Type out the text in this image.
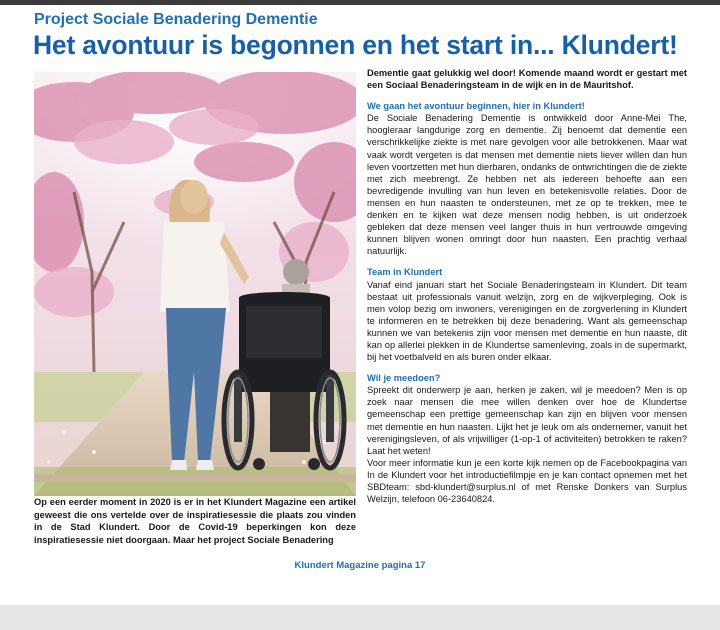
Project Sociale Benadering Dementie
Het avontuur is begonnen en het start in... Klundert!
Op een eerder moment in 2020 is er in het Klundert Magazine een artikel geweest die ons vertelde over de inspiratiesessie die plaats zou vinden in de Stad Klundert. Door de Covid-19 beperkingen kon deze inspiratiesessie niet doorgaan. Maar het project Sociale Benadering

Dementie gaat gelukkig wel door! Komende maand wordt er gestart met een Sociaal Benaderingsteam in de wijk en in de Mauritshof.

We gaan het avontuur beginnen, hier in Klundert!

De Sociale Benadering Dementie is ontwikkeld door Anne-Mei The, hoogleraar langdurige zorg en dementie. Zij benoemt dat dementie een verschrikkelijke ziekte is met nare gevolgen voor alle betrokkenen. Maar wat vaak wordt vergeten is dat mensen met dementie niets liever willen dan hun leven voortzetten met hun dierbaren, ondanks de ontwrichtingen die de ziekte met zich meebrengt. Ze hebben net als iedereen behoefte aan een bevredigende invulling van hun leven en betekenisvolle relaties. Door de mensen en hun naasten te ondersteunen, met ze op te trekken, mee te denken en te kijken wat deze mensen nodig hebben, is uit onderzoek gebleken dat deze mensen veel langer thuis in hun vertrouwde omgeving kunnen blijven wonen omringt door hun naasten. Een prachtig verhaal natuurlijk.

Team in Klundert

Vanaf eind januari start het Sociale Benaderingsteam in Klundert. Dit team bestaat uit professionals vanuit welzijn, zorg en de wijkverpleging. Ook is men volop bezig om inwoners, verenigingen en de zorgverlening in Klundert te informeren en te betrekken bij deze benadering. Want als gemeenschap kunnen we van betekenis zijn voor mensen met dementie en hun naaste, dit kan op allerlei plekken in de Klundertse samenleving, zoals in de supermarkt, bij het voetbalveld en als buren onder elkaar.

Wil je meedoen?

Spreekt dit onderwerp je aan, herken je zaken, wil je meedoen? Men is op zoek naar mensen die mee willen denken over hoe de Klundertse gemeenschap een prettige gemeenschap kan zijn en blijven voor mensen met dementie en hun naasten. Lijkt het je leuk om als ondernemer, vanuit het verenigingsleven, of als vrijwilliger (1-op-1 of activiteiten) betrokken te raken? Laat het weten!

Voor meer informatie kun je een korte kijk nemen op de Facebookpagina van In de Klundert voor het introductiefilmpje en je kan contact opnemen met het SBDteam: sbd-klundert@surplus.nl of met Renske Donkers van Surplus Welzijn, telefoon 06-23640824.

Klundert Magazine pagina 17
